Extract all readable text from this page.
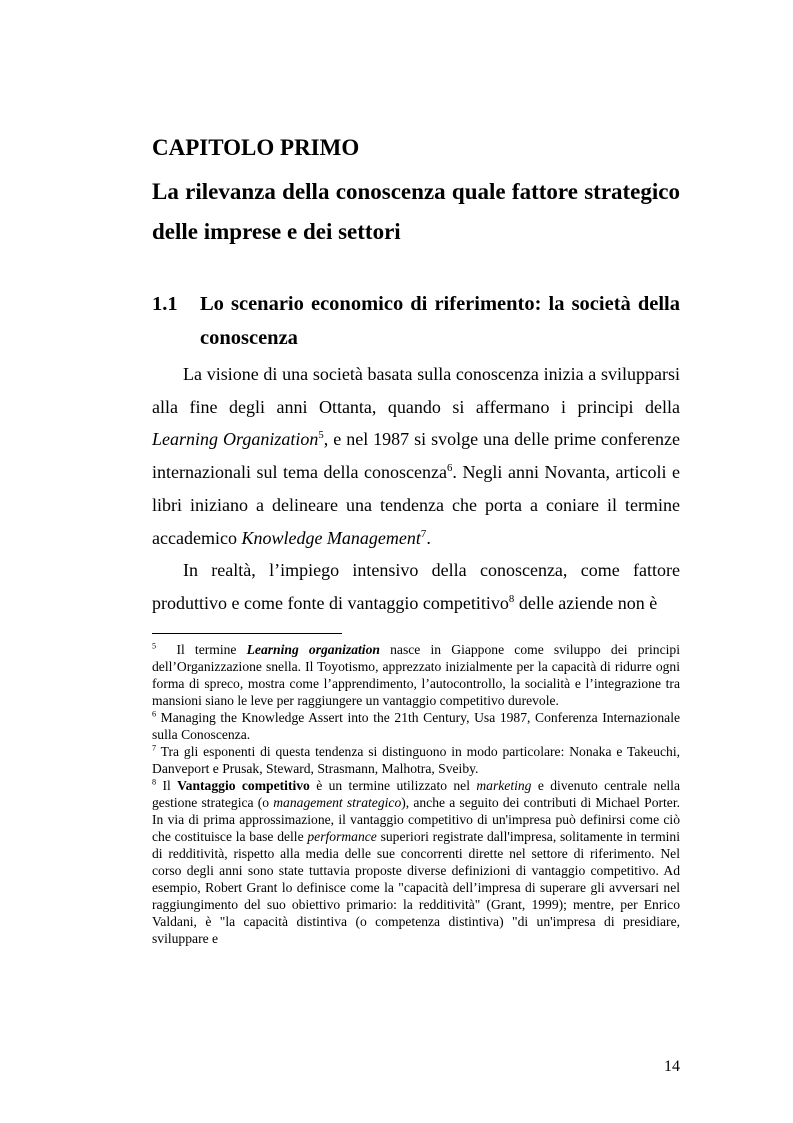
CAPITOLO PRIMO
La rilevanza della conoscenza quale fattore strategico delle imprese e dei settori
1.1 Lo scenario economico di riferimento: la società della conoscenza

La visione di una società basata sulla conoscenza inizia a svilupparsi alla fine degli anni Ottanta, quando si affermano i principi della Learning Organization$^5$, e nel 1987 si svolge una delle prime conferenze internazionali sul tema della conoscenza$^6$. Negli anni Novanta, articoli e libri iniziano a delineare una tendenza che porta a coniare il termine accademico Knowledge Management$^7$.

In realtà, l’impiego intensivo della conoscenza, come fattore produttivo e come fonte di vantaggio competitivo$^8$ delle aziende non è

$^5$  Il termine Learning organization nasce in Giappone come sviluppo dei principi dell’Organizzazione snella. Il Toyotismo, apprezzato inizialmente per la capacità di ridurre ogni forma di spreco, mostra come l’apprendimento, l’autocontrollo, la socialità e l’integrazione tra mansioni siano le leve per raggiungere un vantaggio competitivo durevole.

$^6$ Managing the Knowledge Assert into the 21th Century, Usa 1987, Conferenza Internazionale sulla Conoscenza.

$^7$ Tra gli esponenti di questa tendenza si distinguono in modo particolare: Nonaka e Takeuchi, Danveport e Prusak, Steward, Strasmann, Malhotra, Sveiby.

$^8$ Il Vantaggio competitivo è un termine utilizzato nel marketing e divenuto centrale nella gestione strategica (o management strategico), anche a seguito dei contributi di Michael Porter. In via di prima approssimazione, il vantaggio competitivo di un'impresa può definirsi come ciò che costituisce la base delle performance superiori registrate dall'impresa, solitamente in termini di redditività, rispetto alla media delle sue concorrenti dirette nel settore di riferimento. Nel corso degli anni sono state tuttavia proposte diverse definizioni di vantaggio competitivo. Ad esempio, Robert Grant lo definisce come la "capacità dell’impresa di superare gli avversari nel raggiungimento del suo obiettivo primario: la redditività" (Grant, 1999); mentre, per Enrico Valdani, è "la capacità distintiva (o competenza distintiva) "di un'impresa di presidiare, sviluppare e

14
